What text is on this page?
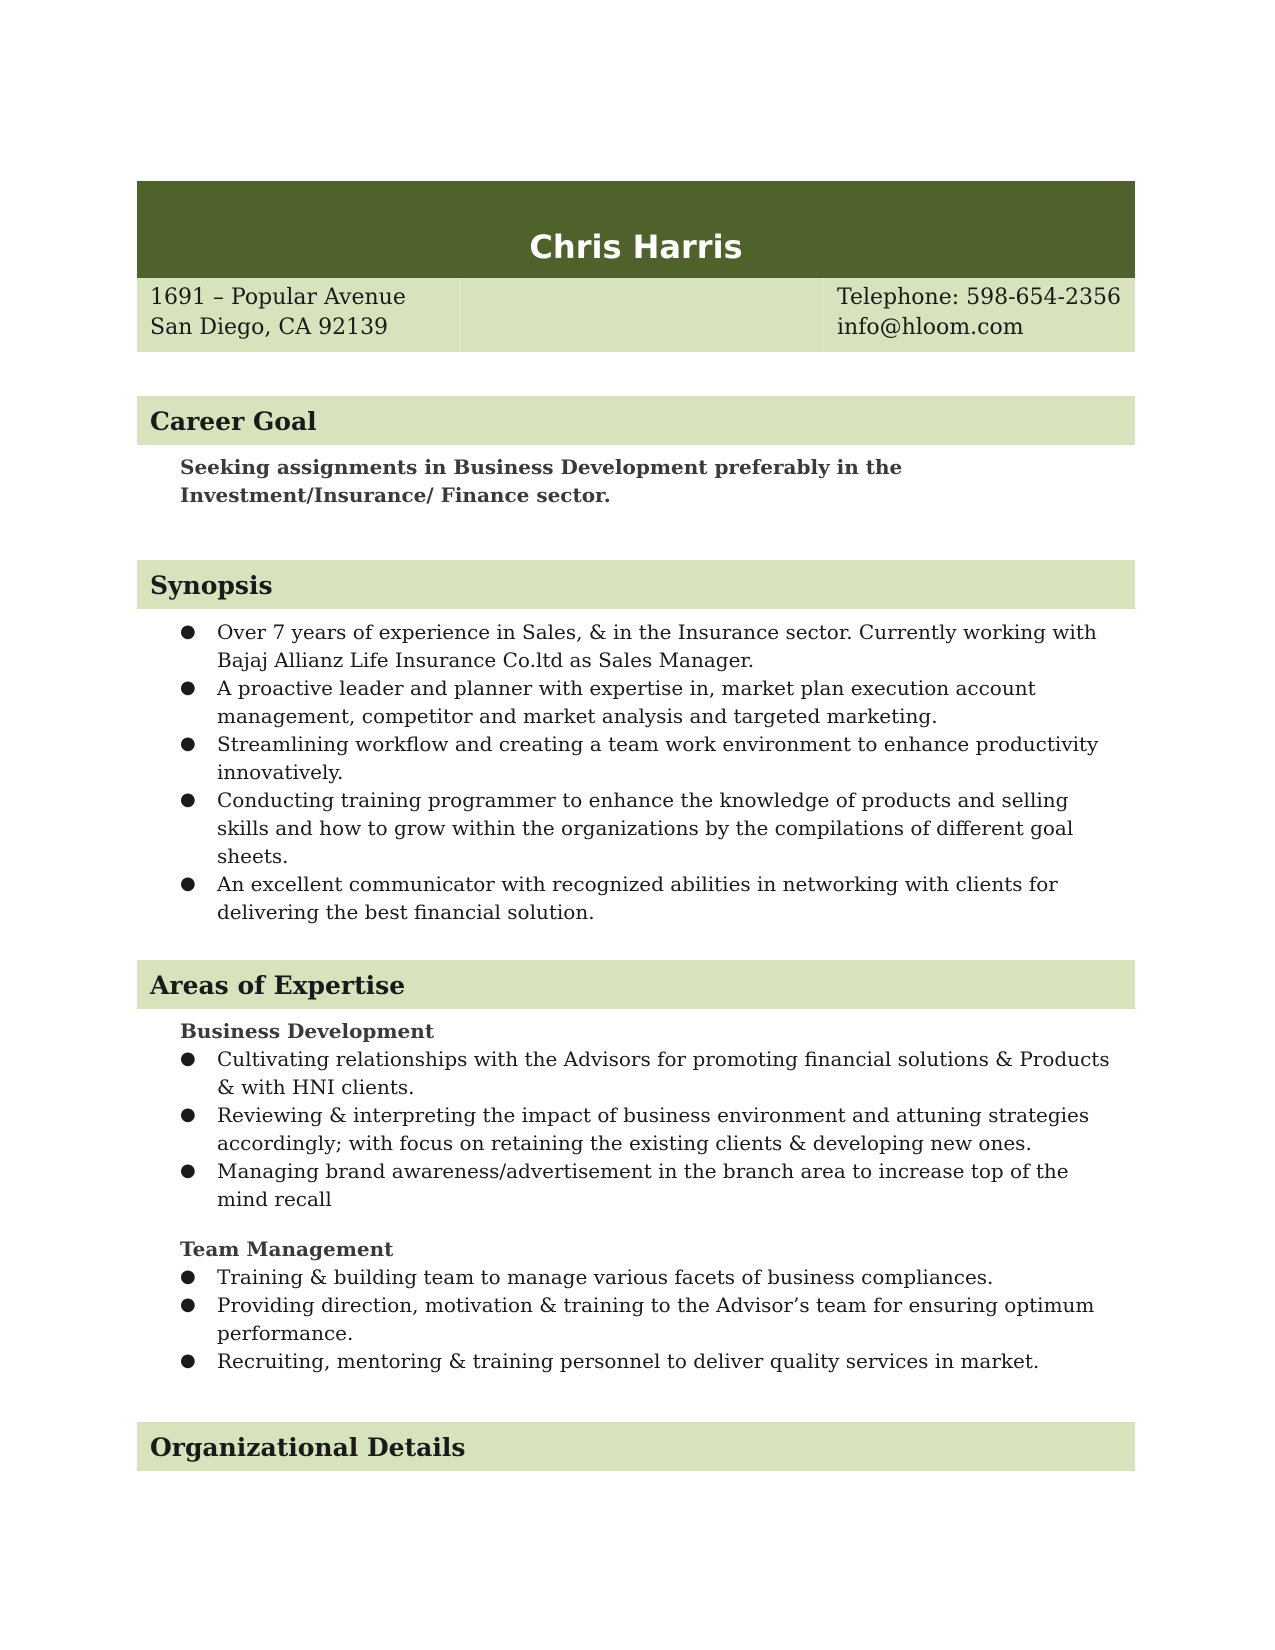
Chris Harris
1691 – Popular Avenue
San Diego, CA 92139
Telephone: 598-654-2356
info@hloom.com
Career Goal
Seeking assignments in Business Development preferably in the Investment/Insurance/ Finance sector.
Synopsis
● Over 7 years of experience in Sales, & in the Insurance sector. Currently working with Bajaj Allianz Life Insurance Co.ltd as Sales Manager.
● A proactive leader and planner with expertise in, market plan execution account management, competitor and market analysis and targeted marketing.
● Streamlining workflow and creating a team work environment to enhance productivity innovatively.
● Conducting training programmer to enhance the knowledge of products and selling skills and how to grow within the organizations by the compilations of different goal sheets.
● An excellent communicator with recognized abilities in networking with clients for delivering the best financial solution.
Areas of Expertise
Business Development
● Cultivating relationships with the Advisors for promoting financial solutions & Products & with HNI clients.
● Reviewing & interpreting the impact of business environment and attuning strategies accordingly; with focus on retaining the existing clients & developing new ones.
● Managing brand awareness/advertisement in the branch area to increase top of the mind recall
Team Management
● Training & building team to manage various facets of business compliances.
● Providing direction, motivation & training to the Advisor’s team for ensuring optimum performance.
● Recruiting, mentoring & training personnel to deliver quality services in market.
Organizational Details
